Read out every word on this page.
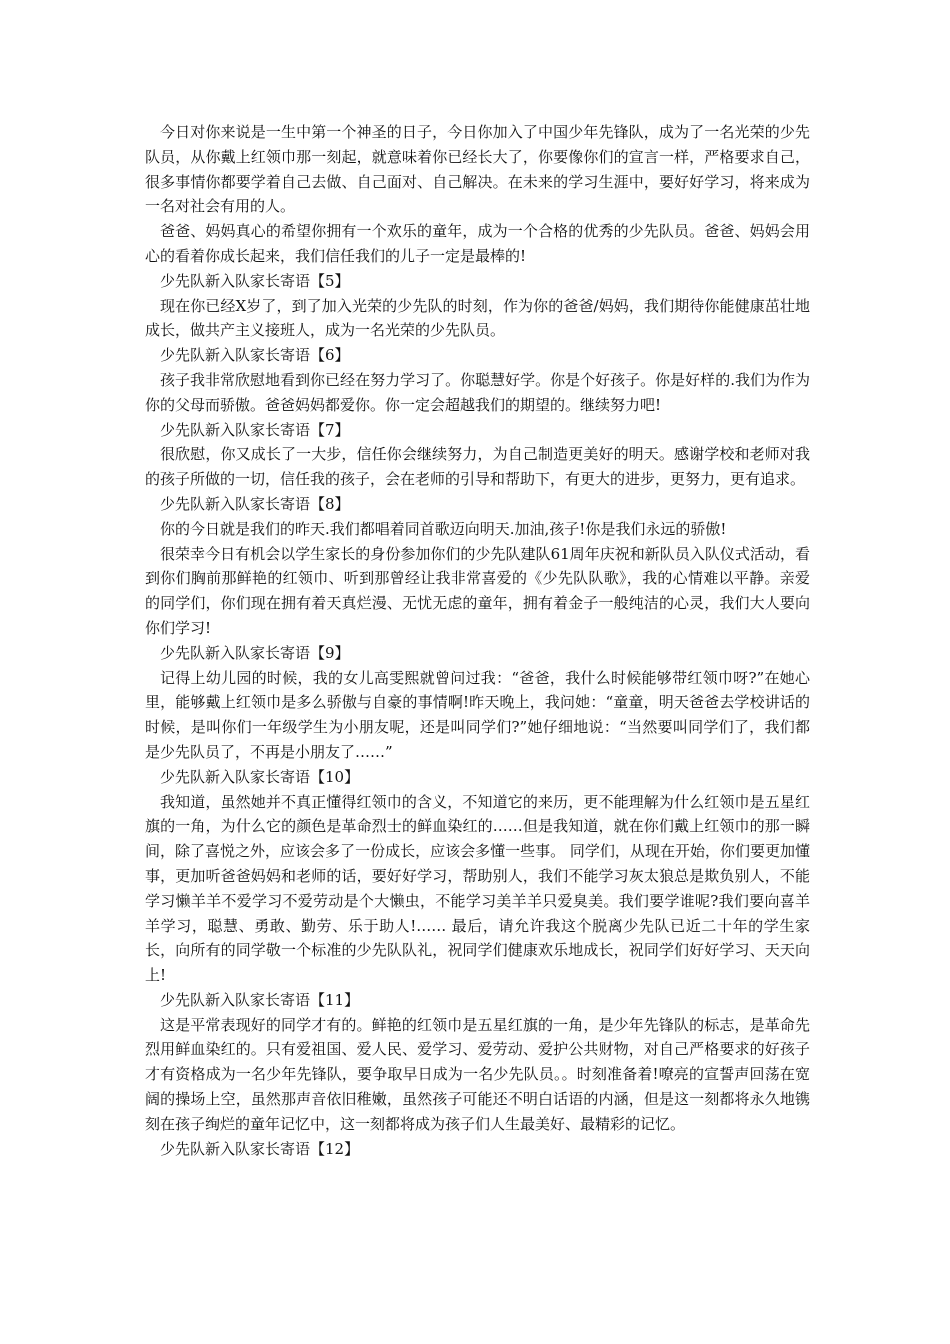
今日对你来说是一生中第一个神圣的日子，今日你加入了中国少年先锋队，成为了一名光荣的少先队员，从你戴上红领巾那一刻起，就意味着你已经长大了，你要像你们的宣言一样，严格要求自己，很多事情你都要学着自己去做、自己面对、自己解决。在未来的学习生涯中，要好好学习，将来成为一名对社会有用的人。

爸爸、妈妈真心的希望你拥有一个欢乐的童年，成为一个合格的优秀的少先队员。爸爸、妈妈会用心的看着你成长起来，我们信任我们的儿子一定是最棒的!

少先队新入队家长寄语【5】

现在你已经X岁了，到了加入光荣的少先队的时刻，作为你的爸爸/妈妈，我们期待你能健康茁壮地成长，做共产主义接班人，成为一名光荣的少先队员。

少先队新入队家长寄语【6】

孩子我非常欣慰地看到你已经在努力学习了。你聪慧好学。你是个好孩子。你是好样的.我们为作为你的父母而骄傲。爸爸妈妈都爱你。你一定会超越我们的期望的。继续努力吧!

少先队新入队家长寄语【7】

很欣慰，你又成长了一大步，信任你会继续努力，为自己制造更美好的明天。感谢学校和老师对我的孩子所做的一切，信任我的孩子，会在老师的引导和帮助下，有更大的进步，更努力，更有追求。

少先队新入队家长寄语【8】

你的今日就是我们的昨天.我们都唱着同首歌迈向明天.加油,孩子!你是我们永远的骄傲!

很荣幸今日有机会以学生家长的身份参加你们的少先队建队61周年庆祝和新队员入队仪式活动，看到你们胸前那鲜艳的红领巾、听到那曾经让我非常喜爱的《少先队队歌》，我的心情难以平静。亲爱的同学们，你们现在拥有着天真烂漫、无忧无虑的童年，拥有着金子一般纯洁的心灵，我们大人要向你们学习!

少先队新入队家长寄语【9】

记得上幼儿园的时候，我的女儿高雯熙就曾问过我：“爸爸，我什么时候能够带红领巾呀?”在她心里，能够戴上红领巾是多么骄傲与自豪的事情啊!昨天晚上，我问她：“童童，明天爸爸去学校讲话的时候，是叫你们一年级学生为小朋友呢，还是叫同学们?”她仔细地说：“当然要叫同学们了，我们都是少先队员了，不再是小朋友了……”

少先队新入队家长寄语【10】

我知道，虽然她并不真正懂得红领巾的含义，不知道它的来历，更不能理解为什么红领巾是五星红旗的一角，为什么它的颜色是革命烈士的鲜血染红的……但是我知道，就在你们戴上红领巾的那一瞬间，除了喜悦之外，应该会多了一份成长，应该会多懂一些事。 同学们，从现在开始，你们要更加懂事，更加听爸爸妈妈和老师的话，要好好学习，帮助别人，我们不能学习灰太狼总是欺负别人，不能学习懒羊羊不爱学习不爱劳动是个大懒虫，不能学习美羊羊只爱臭美。我们要学谁呢?我们要向喜羊羊学习，聪慧、勇敢、勤劳、乐于助人!…… 最后，请允许我这个脱离少先队已近二十年的学生家长，向所有的同学敬一个标准的少先队队礼，祝同学们健康欢乐地成长，祝同学们好好学习、天天向上!

少先队新入队家长寄语【11】

这是平常表现好的同学才有的。鲜艳的红领巾是五星红旗的一角，是少年先锋队的标志，是革命先烈用鲜血染红的。只有爱祖国、爱人民、爱学习、爱劳动、爱护公共财物，对自己严格要求的好孩子才有资格成为一名少年先锋队，要争取早日成为一名少先队员。。时刻准备着!嘹亮的宣誓声回荡在宽阔的操场上空，虽然那声音依旧稚嫩，虽然孩子可能还不明白话语的内涵，但是这一刻都将永久地镌刻在孩子绚烂的童年记忆中，这一刻都将成为孩子们人生最美好、最精彩的记忆。

少先队新入队家长寄语【12】
